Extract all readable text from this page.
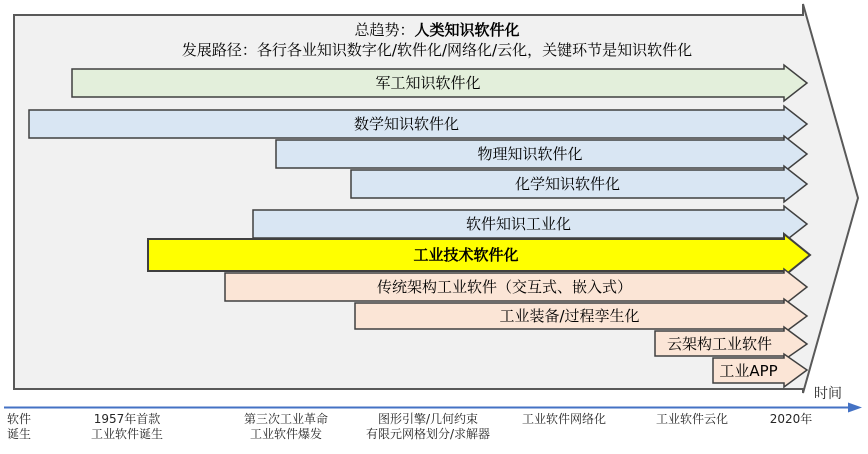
总趋势：人类知识软件化
发展路径：各行各业知识数字化/软件化/网络化/云化，关键环节是知识软件化
军工知识软件化
数学知识软件化
物理知识软件化
化学知识软件化
软件知识工业化
工业技术软件化
传统架构工业软件（交互式、嵌入式）
工业装备/过程孪生化
云架构工业软件
工业APP
软件
诞生
1957年首款
工业软件诞生
第三次工业革命
工业软件爆发
图形引擎/几何约束
有限元网格划分/求解器
工业软件网络化	工业软件云化	2020年
时间
